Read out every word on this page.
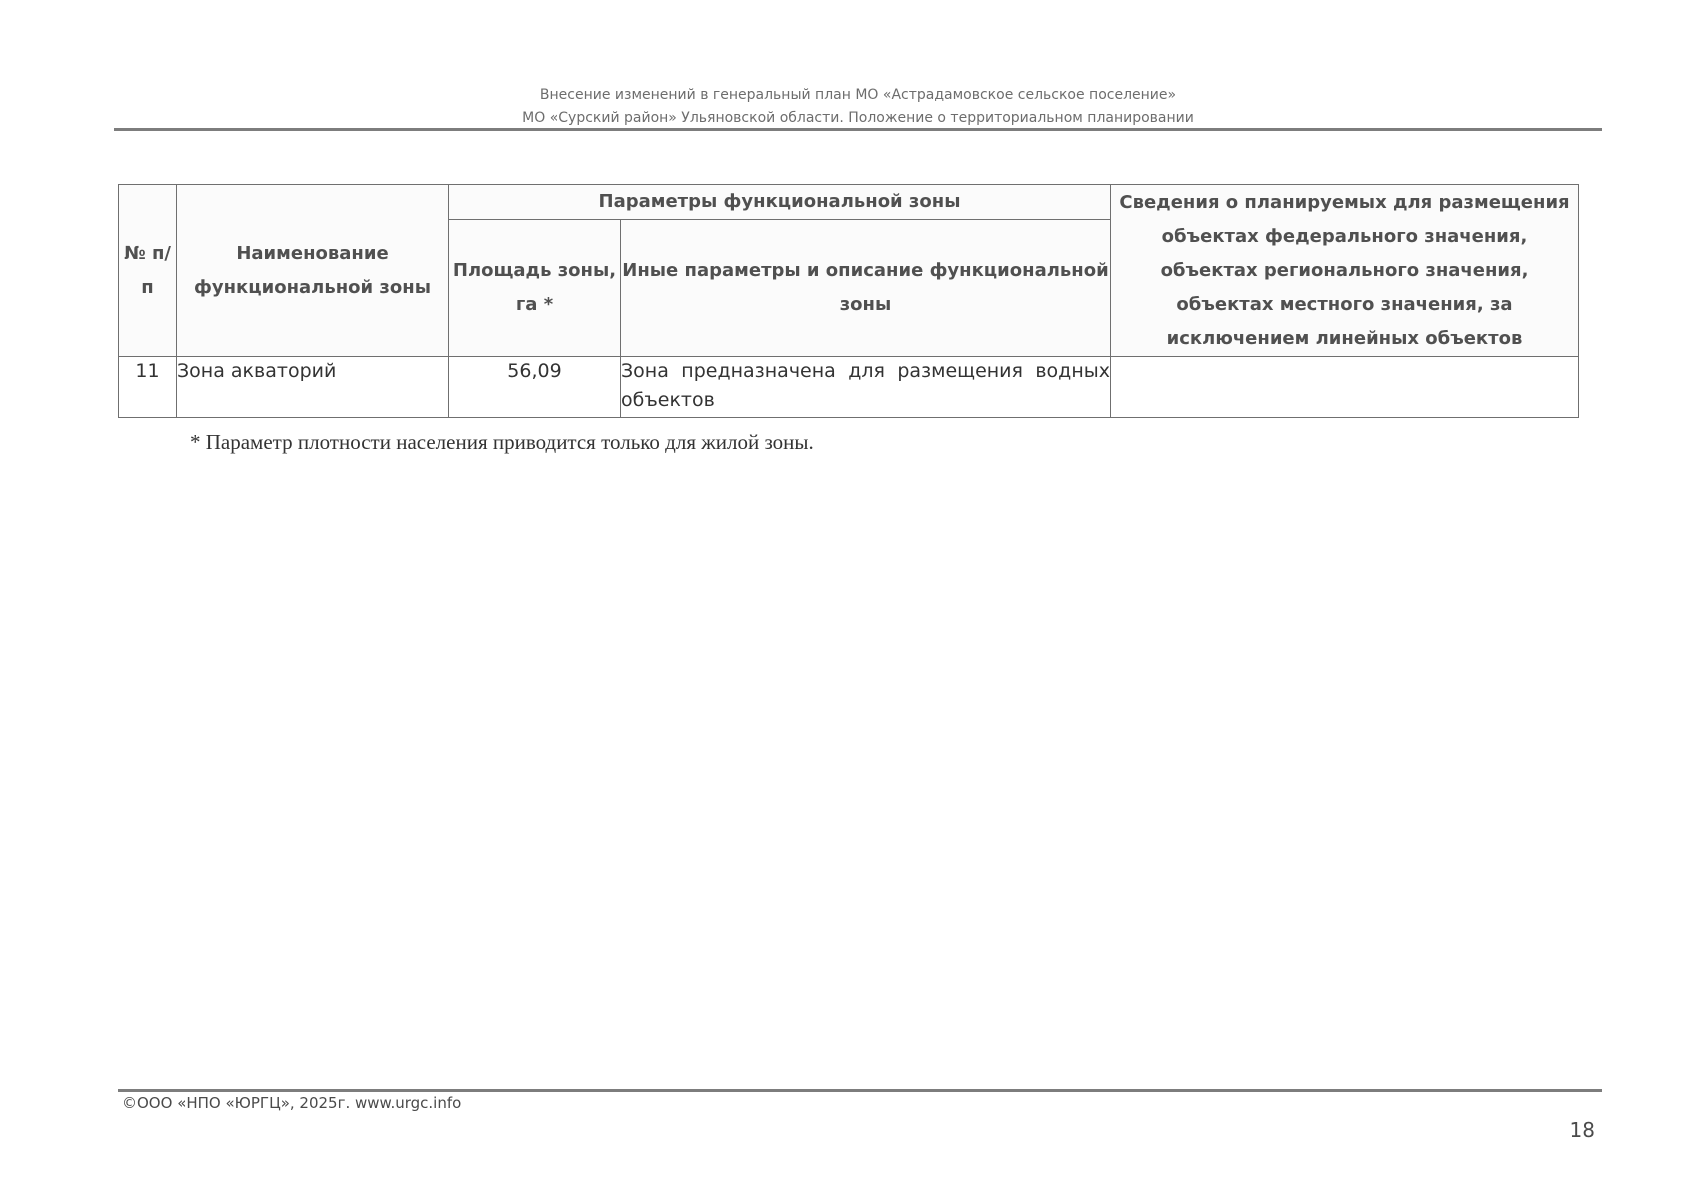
Внесение изменений в генеральный план МО «Астрадамовское сельское поселение»
МО «Сурский район» Ульяновской области. Положение о территориальном планировании
№ п/п	Наименование функциональной зоны	Параметры функциональной зоны		Сведения о планируемых для размещения объектах федерального значения, объектах регионального значения, объектах местного значения, за исключением линейных объектов
		Площадь зоны, га *	Иные параметры и описание функциональной зоны	
11	Зона акваторий	56,09	Зона предназначена для размещения водных объектов	
* Параметр плотности населения приводится только для жилой зоны.
©ООО «НПО «ЮРГЦ», 2025г. www.urgc.info
18
